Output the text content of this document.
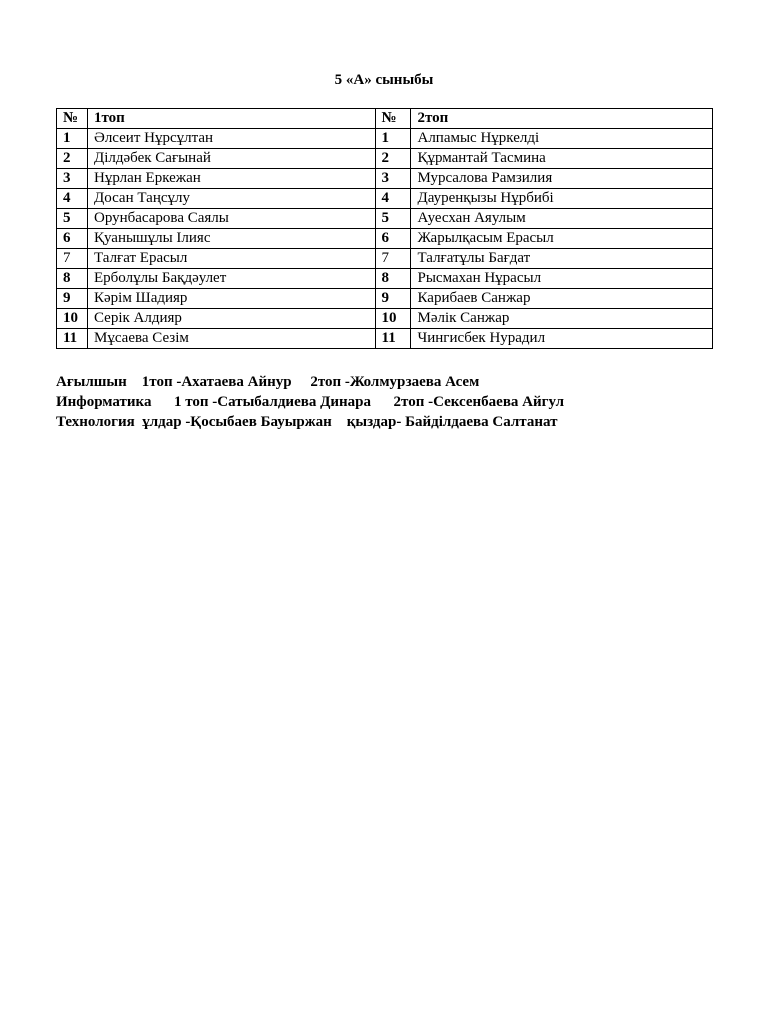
5 «А» сыныбы
№	1топ	№	2топ
1	Әлсеит Нұрсұлтан	1	Алпамыс Нұркелді
2	Ділдәбек Сағынай	2	Құрмантай Тасмина
3	Нұрлан Еркежан	3	Мурсалова Рамзилия
4	Досан Таңсұлу	4	Дауренқызы Нұрбибі
5	Орунбасарова Саялы	5	Ауесхан Аяулым
6	Қуанышұлы Ілияс	6	Жарылқасым Ерасыл
7	Талғат Ерасыл	7	Талғатұлы Бағдат
8	Ерболұлы Бақдәулет	8	Рысмахан Нұрасыл
9	Кәрім Шадияр	9	Карибаев Санжар
10	Серік Алдияр	10	Мәлік Санжар
11	Мұсаева Сезім	11	Чингисбек Нурадил
Ағылшын    1топ -Ахатаева Айнур     2топ -Жолмурзаева Асем
Информатика      1 топ -Сатыбалдиева Динара      2топ -Сексенбаева Айгул
Технология  ұлдар -Қосыбаев Бауыржан    қыздар- Байділдаева Салтанат
